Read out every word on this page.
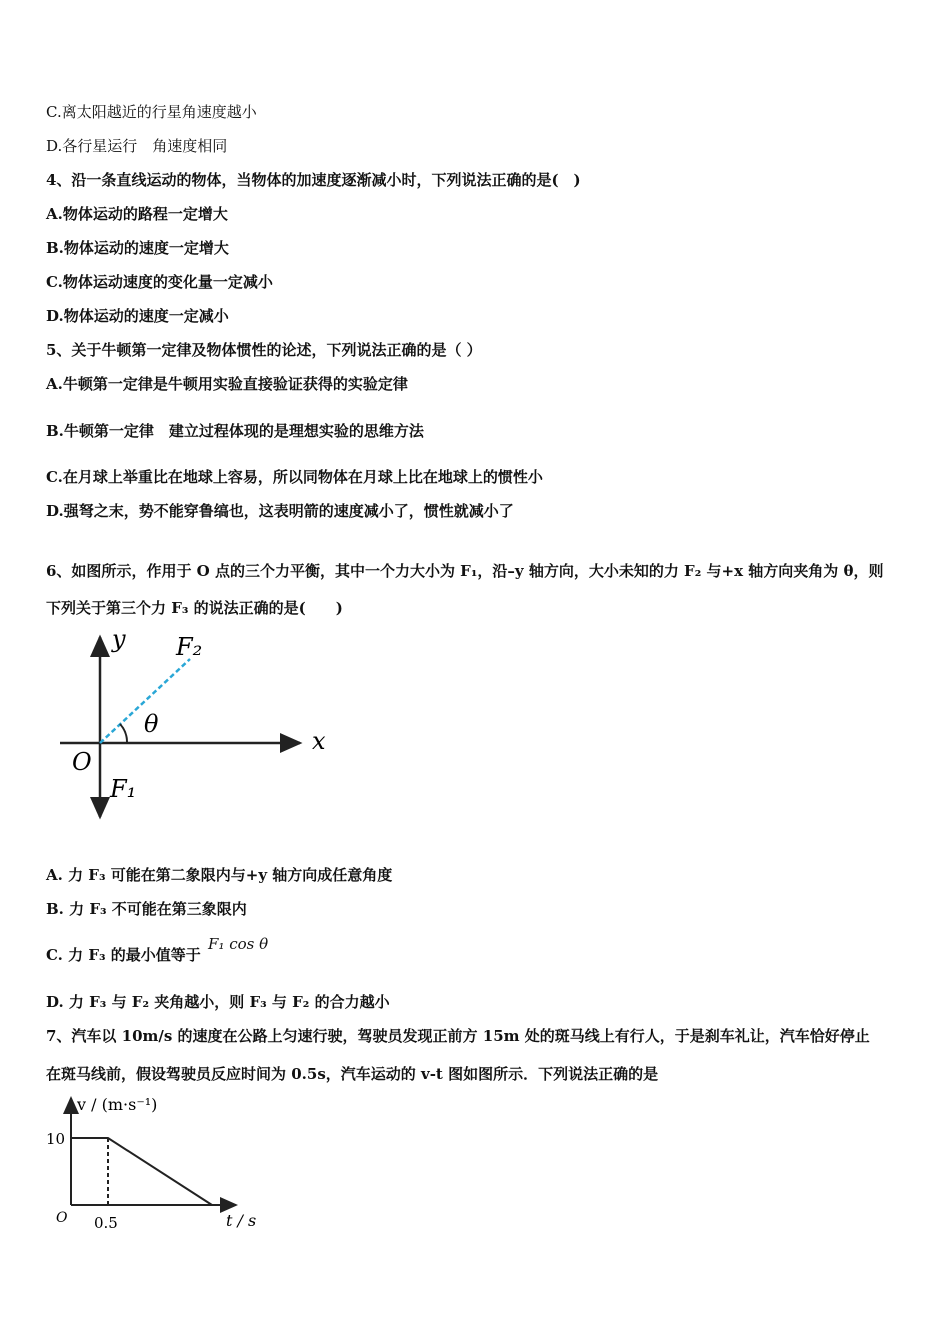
C.离太阳越近的行星角速度越小
D.各行星运行　角速度相同
4、沿一条直线运动的物体，当物体的加速度逐渐减小时，下列说法正确的是(　)
A.物体运动的路程一定增大
B.物体运动的速度一定增大
C.物体运动速度的变化量一定减小
D.物体运动的速度一定减小
5、关于牛顿第一定律及物体惯性的论述，下列说法正确的是（ ）
A.牛顿第一定律是牛顿用实验直接验证获得的实验定律
B.牛顿第一定律　建立过程体现的是理想实验的思维方法
C.在月球上举重比在地球上容易，所以同物体在月球上比在地球上的惯性小
D.强弩之末，势不能穿鲁缟也，这表明箭的速度减小了，惯性就减小了
6、如图所示，作用于 O 点的三个力平衡，其中一个力大小为 F₁，沿–y 轴方向，大小未知的力 F₂ 与+x 轴方向夹角为 θ，则
下列关于第三个力 F₃ 的说法正确的是(　　)
y
x
F₂
F₁
O
θ
A. 力 F₃ 可能在第二象限内与+y 轴方向成任意角度
B. 力 F₃ 不可能在第三象限内
C. 力 F₃ 的最小值等于 F₁ cos θ
D. 力 F₃ 与 F₂ 夹角越小，则 F₃ 与 F₂ 的合力越小
7、汽车以 10m/s 的速度在公路上匀速行驶，驾驶员发现正前方 15m 处的斑马线上有行人，于是刹车礼让，汽车恰好停止
在斑马线前，假设驾驶员反应时间为 0.5s，汽车运动的 v-t 图如图所示．下列说法正确的是
v / (m·s⁻¹)
t / s
10
0.5
O
